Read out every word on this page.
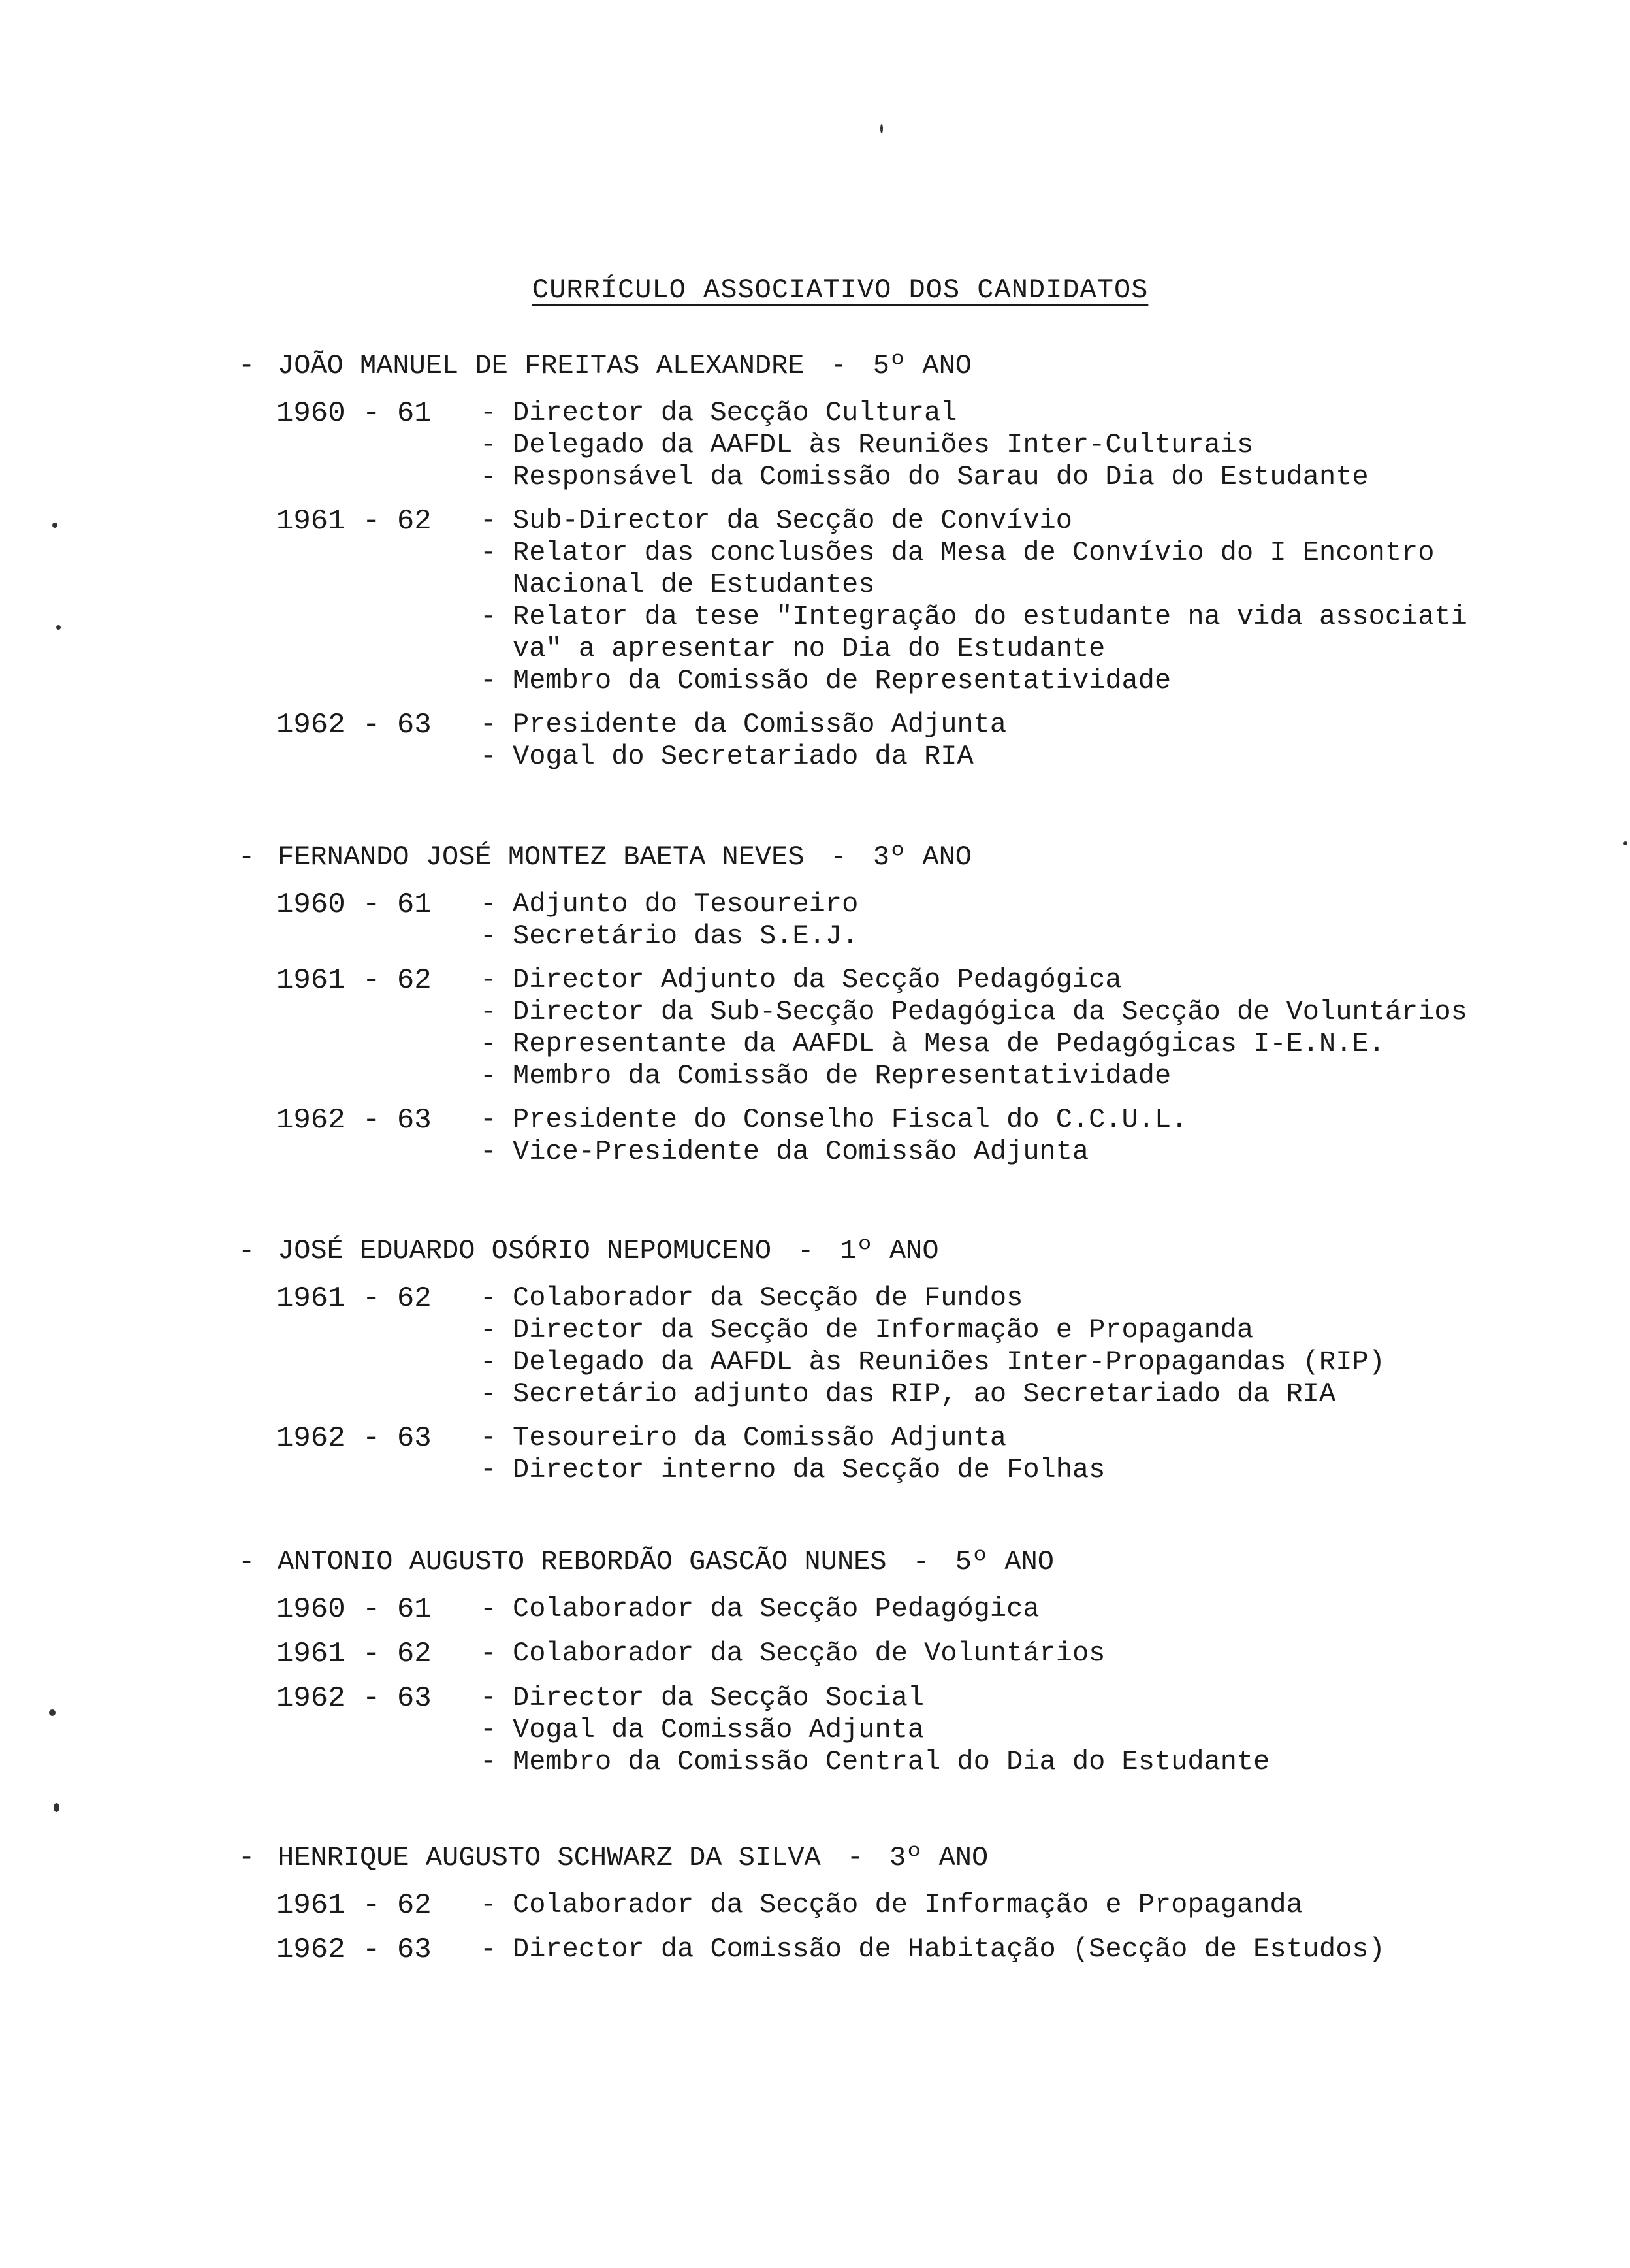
CURRÍCULO ASSOCIATIVO DOS CANDIDATOS
- JOÃO MANUEL DE FREITAS ALEXANDRE - 5º ANO
1960 - 61	- Director da Secção Cultural
- Delegado da AAFDL às Reuniões Inter-Culturais
- Responsável da Comissão do Sarau do Dia do Estudante
1961 - 62	- Sub-Director da Secção de Convívio
- Relator das conclusões da Mesa de Convívio do I Encontro
Nacional de Estudantes
- Relator da tese "Integração do estudante na vida associati
va" a apresentar no Dia do Estudante
- Membro da Comissão de Representatividade
1962 - 63	- Presidente da Comissão Adjunta
- Vogal do Secretariado da RIA
- FERNANDO JOSÉ MONTEZ BAETA NEVES - 3º ANO
1960 - 61	- Adjunto do Tesoureiro
- Secretário das S.E.J.
1961 - 62	- Director Adjunto da Secção Pedagógica
- Director da Sub-Secção Pedagógica da Secção de Voluntários
- Representante da AAFDL à Mesa de Pedagógicas I-E.N.E.
- Membro da Comissão de Representatividade
1962 - 63	- Presidente do Conselho Fiscal do C.C.U.L.
- Vice-Presidente da Comissão Adjunta
- JOSÉ EDUARDO OSÓRIO NEPOMUCENO - 1º ANO
1961 - 62	- Colaborador da Secção de Fundos
- Director da Secção de Informação e Propaganda
- Delegado da AAFDL às Reuniões Inter-Propagandas (RIP)
- Secretário adjunto das RIP, ao Secretariado da RIA
1962 - 63	- Tesoureiro da Comissão Adjunta
- Director interno da Secção de Folhas
- ANTONIO AUGUSTO REBORDÃO GASCÃO NUNES - 5º ANO
1960 - 61	- Colaborador da Secção Pedagógica
1961 - 62	- Colaborador da Secção de Voluntários
1962 - 63	- Director da Secção Social
- Vogal da Comissão Adjunta
- Membro da Comissão Central do Dia do Estudante
- HENRIQUE AUGUSTO SCHWARZ DA SILVA - 3º ANO
1961 - 62	- Colaborador da Secção de Informação e Propaganda
1962 - 63	- Director da Comissão de Habitação (Secção de Estudos)
